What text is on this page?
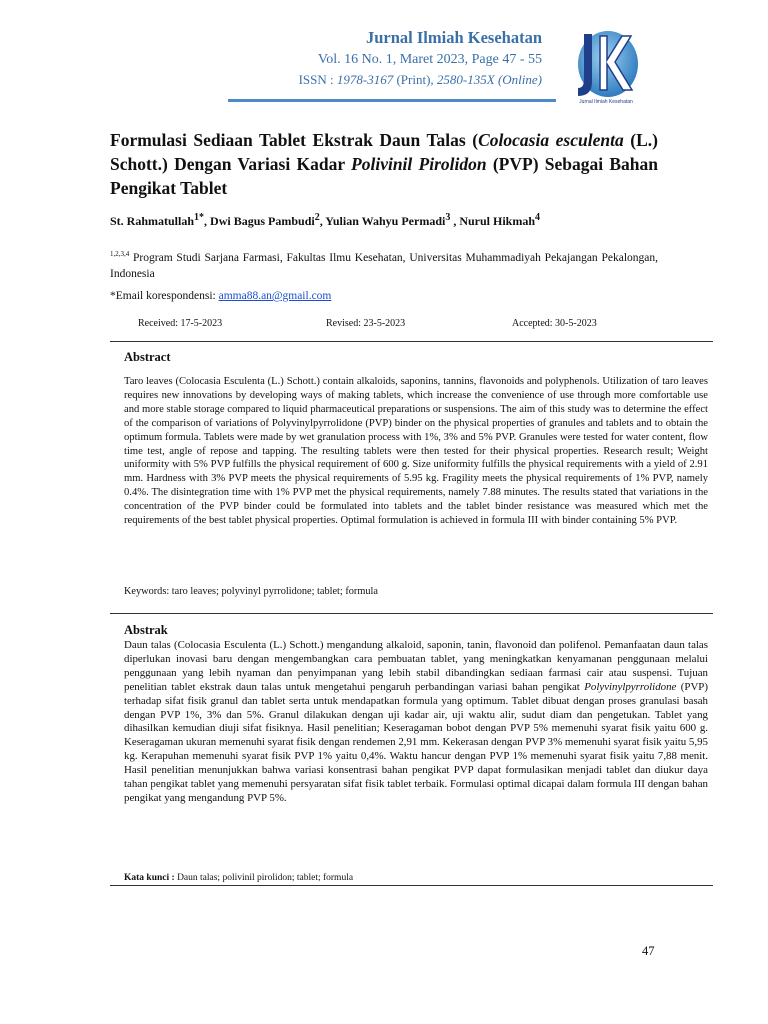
Jurnal Ilmiah Kesehatan
Vol. 16 No. 1, Maret 2023, Page 47 - 55
ISSN : 1978-3167 (Print), 2580-135X (Online)
Jurnal Ilmiah Kesehatan
Formulasi Sediaan Tablet Ekstrak Daun Talas (Colocasia esculenta (L.) Schott.) Dengan Variasi Kadar Polivinil Pirolidon (PVP) Sebagai Bahan Pengikat Tablet
St. Rahmatullah$^{1*}$, Dwi Bagus Pambudi$^2$, Yulian Wahyu Permadi$^3$ , Nurul Hikmah$^4$
$^{1,2,3,4}$ Program Studi Sarjana Farmasi, Fakultas Ilmu Kesehatan, Universitas Muhammadiyah Pekajangan Pekalongan, Indonesia
*Email korespondensi: amma88.an@gmail.com
Received: 17-5-2023	Revised: 23-5-2023	Accepted: 30-5-2023
Abstract
Taro leaves (Colocasia Esculenta (L.) Schott.) contain alkaloids, saponins, tannins, flavonoids and polyphenols. Utilization of taro leaves requires new innovations by developing ways of making tablets, which increase the convenience of use through more comfortable use and more stable storage compared to liquid pharmaceutical preparations or suspensions. The aim of this study was to determine the effect of the comparison of variations of Polyvinylpyrrolidone (PVP) binder on the physical properties of granules and tablets and to obtain the optimum formula. Tablets were made by wet granulation process with 1%, 3% and 5% PVP. Granules were tested for water content, flow time test, angle of repose and tapping. The resulting tablets were then tested for their physical properties. Research result; Weight uniformity with 5% PVP fulfills the physical requirement of 600 g. Size uniformity fulfills the physical requirements with a yield of 2.91 mm. Hardness with 3% PVP meets the physical requirements of 5.95 kg. Fragility meets the physical requirements of 1% PVP, namely 0.4%. The disintegration time with 1% PVP met the physical requirements, namely 7.88 minutes. The results stated that variations in the concentration of the PVP binder could be formulated into tablets and the tablet binder resistance was measured which met the requirements of the best tablet physical properties. Optimal formulation is achieved in formula III with binder containing 5% PVP.
Keywords: taro leaves; polyvinyl pyrrolidone; tablet; formula
Abstrak
Daun talas (Colocasia Esculenta (L.) Schott.) mengandung alkaloid, saponin, tanin, flavonoid dan polifenol. Pemanfaatan daun talas diperlukan inovasi baru dengan mengembangkan cara pembuatan tablet, yang meningkatkan kenyamanan penggunaan melalui penggunaan yang lebih nyaman dan penyimpanan yang lebih stabil dibandingkan sediaan farmasi cair atau suspensi. Tujuan penelitian tablet ekstrak daun talas untuk mengetahui pengaruh perbandingan variasi bahan pengikat Polyvinylpyrrolidone (PVP) terhadap sifat fisik granul dan tablet serta untuk mendapatkan formula yang optimum. Tablet dibuat dengan proses granulasi basah dengan PVP 1%, 3% dan 5%. Granul dilakukan dengan uji kadar air, uji waktu alir, sudut diam dan pengetukan. Tablet yang dihasilkan kemudian diuji sifat fisiknya. Hasil penelitian; Keseragaman bobot dengan PVP 5% memenuhi syarat fisik yaitu 600 g. Keseragaman ukuran memenuhi syarat fisik dengan rendemen 2,91 mm. Kekerasan dengan PVP 3% memenuhi syarat fisik yaitu 5,95 kg. Kerapuhan memenuhi syarat fisik PVP 1% yaitu 0,4%. Waktu hancur dengan PVP 1% memenuhi syarat fisik yaitu 7,88 menit. Hasil penelitian menunjukkan bahwa variasi konsentrasi bahan pengikat PVP dapat formulasikan menjadi tablet dan diukur daya tahan pengikat tablet yang memenuhi persyaratan sifat fisik tablet terbaik. Formulasi optimal dicapai dalam formula III dengan bahan pengikat yang mengandung PVP 5%.
Kata kunci : Daun talas; polivinil pirolidon; tablet; formula
47
